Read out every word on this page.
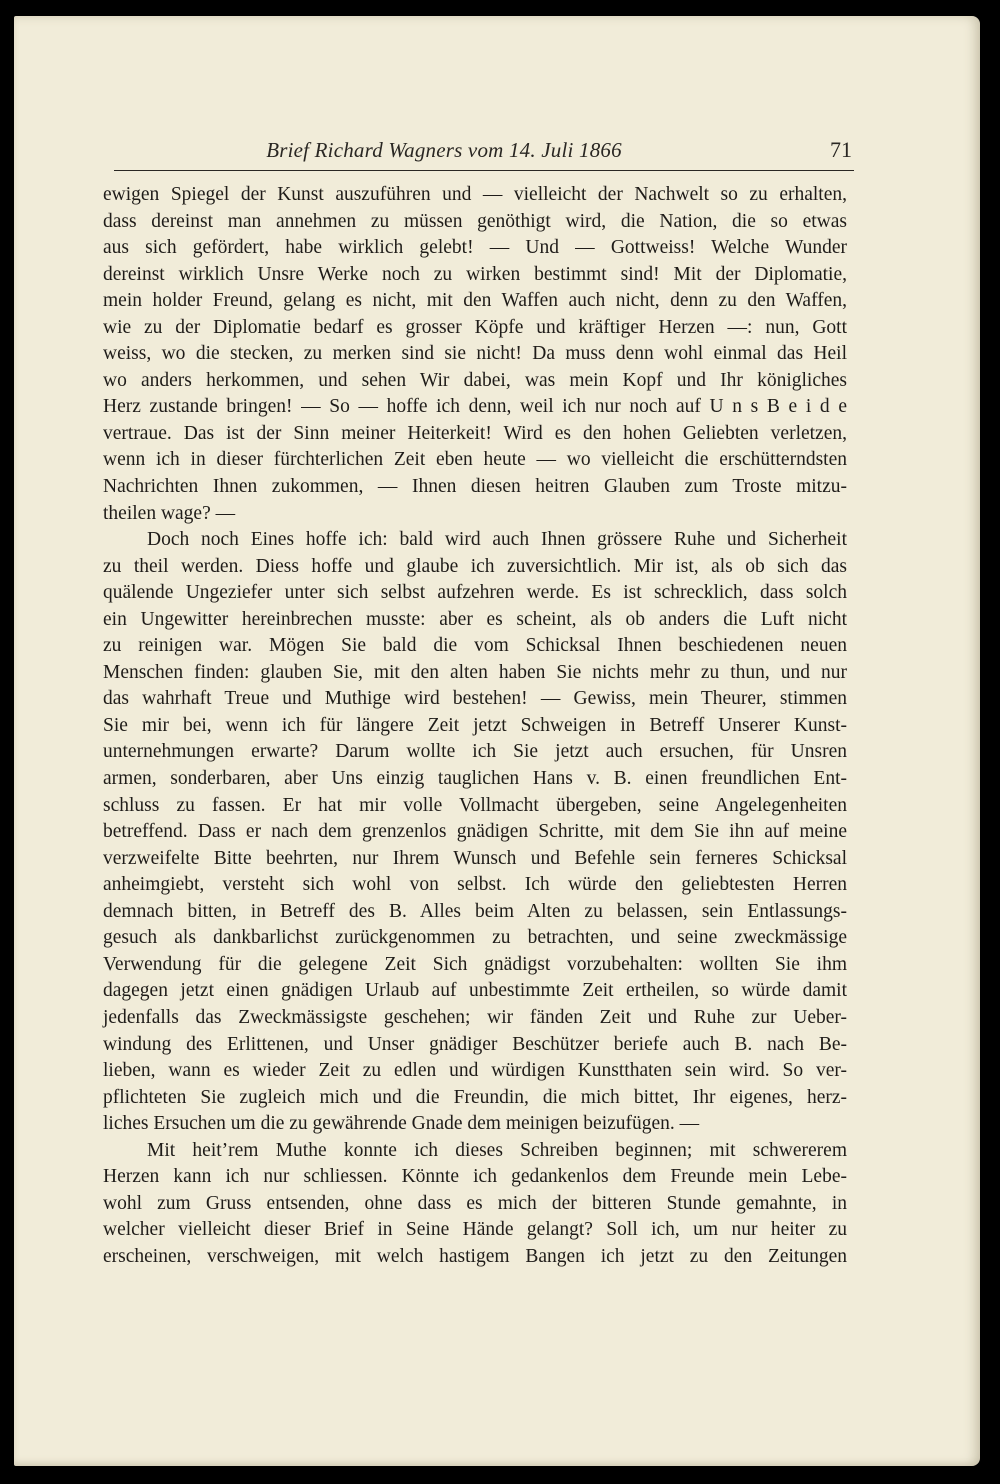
Brief Richard Wagners vom 14. Juli 1866	71
ewigen Spiegel der Kunst auszuführen und — vielleicht der Nachwelt so zu erhalten,
dass dereinst man annehmen zu müssen genöthigt wird, die Nation, die so etwas
aus sich gefördert, habe wirklich gelebt! — Und — Gottweiss! Welche Wunder
dereinst wirklich Unsre Werke noch zu wirken bestimmt sind! Mit der Diplomatie,
mein holder Freund, gelang es nicht, mit den Waffen auch nicht, denn zu den Waffen,
wie zu der Diplomatie bedarf es grosser Köpfe und kräftiger Herzen —: nun, Gott
weiss, wo die stecken, zu merken sind sie nicht! Da muss denn wohl einmal das Heil
wo anders herkommen, und sehen Wir dabei, was mein Kopf und Ihr königliches
Herz zustande bringen! — So — hoffe ich denn, weil ich nur noch auf U n s B e i d e
vertraue. Das ist der Sinn meiner Heiterkeit! Wird es den hohen Geliebten verletzen,
wenn ich in dieser fürchterlichen Zeit eben heute — wo vielleicht die erschütterndsten
Nachrichten Ihnen zukommen, — Ihnen diesen heitren Glauben zum Troste mitzu-
theilen wage? —
Doch noch Eines hoffe ich: bald wird auch Ihnen grössere Ruhe und Sicherheit
zu theil werden. Diess hoffe und glaube ich zuversichtlich. Mir ist, als ob sich das
quälende Ungeziefer unter sich selbst aufzehren werde. Es ist schrecklich, dass solch
ein Ungewitter hereinbrechen musste: aber es scheint, als ob anders die Luft nicht
zu reinigen war. Mögen Sie bald die vom Schicksal Ihnen beschiedenen neuen
Menschen finden: glauben Sie, mit den alten haben Sie nichts mehr zu thun, und nur
das wahrhaft Treue und Muthige wird bestehen! — Gewiss, mein Theurer, stimmen
Sie mir bei, wenn ich für längere Zeit jetzt Schweigen in Betreff Unserer Kunst-
unternehmungen erwarte? Darum wollte ich Sie jetzt auch ersuchen, für Unsren
armen, sonderbaren, aber Uns einzig tauglichen Hans v. B. einen freundlichen Ent-
schluss zu fassen. Er hat mir volle Vollmacht übergeben, seine Angelegenheiten
betreffend. Dass er nach dem grenzenlos gnädigen Schritte, mit dem Sie ihn auf meine
verzweifelte Bitte beehrten, nur Ihrem Wunsch und Befehle sein ferneres Schicksal
anheimgiebt, versteht sich wohl von selbst. Ich würde den geliebtesten Herren
demnach bitten, in Betreff des B. Alles beim Alten zu belassen, sein Entlassungs-
gesuch als dankbarlichst zurückgenommen zu betrachten, und seine zweckmässige
Verwendung für die gelegene Zeit Sich gnädigst vorzubehalten: wollten Sie ihm
dagegen jetzt einen gnädigen Urlaub auf unbestimmte Zeit ertheilen, so würde damit
jedenfalls das Zweckmässigste geschehen; wir fänden Zeit und Ruhe zur Ueber-
windung des Erlittenen, und Unser gnädiger Beschützer beriefe auch B. nach Be-
lieben, wann es wieder Zeit zu edlen und würdigen Kunstthaten sein wird. So ver-
pflichteten Sie zugleich mich und die Freundin, die mich bittet, Ihr eigenes, herz-
liches Ersuchen um die zu gewährende Gnade dem meinigen beizufügen. —
Mit heit’rem Muthe konnte ich dieses Schreiben beginnen; mit schwererem
Herzen kann ich nur schliessen. Könnte ich gedankenlos dem Freunde mein Lebe-
wohl zum Gruss entsenden, ohne dass es mich der bitteren Stunde gemahnte, in
welcher vielleicht dieser Brief in Seine Hände gelangt? Soll ich, um nur heiter zu
erscheinen, verschweigen, mit welch hastigem Bangen ich jetzt zu den Zeitungen
